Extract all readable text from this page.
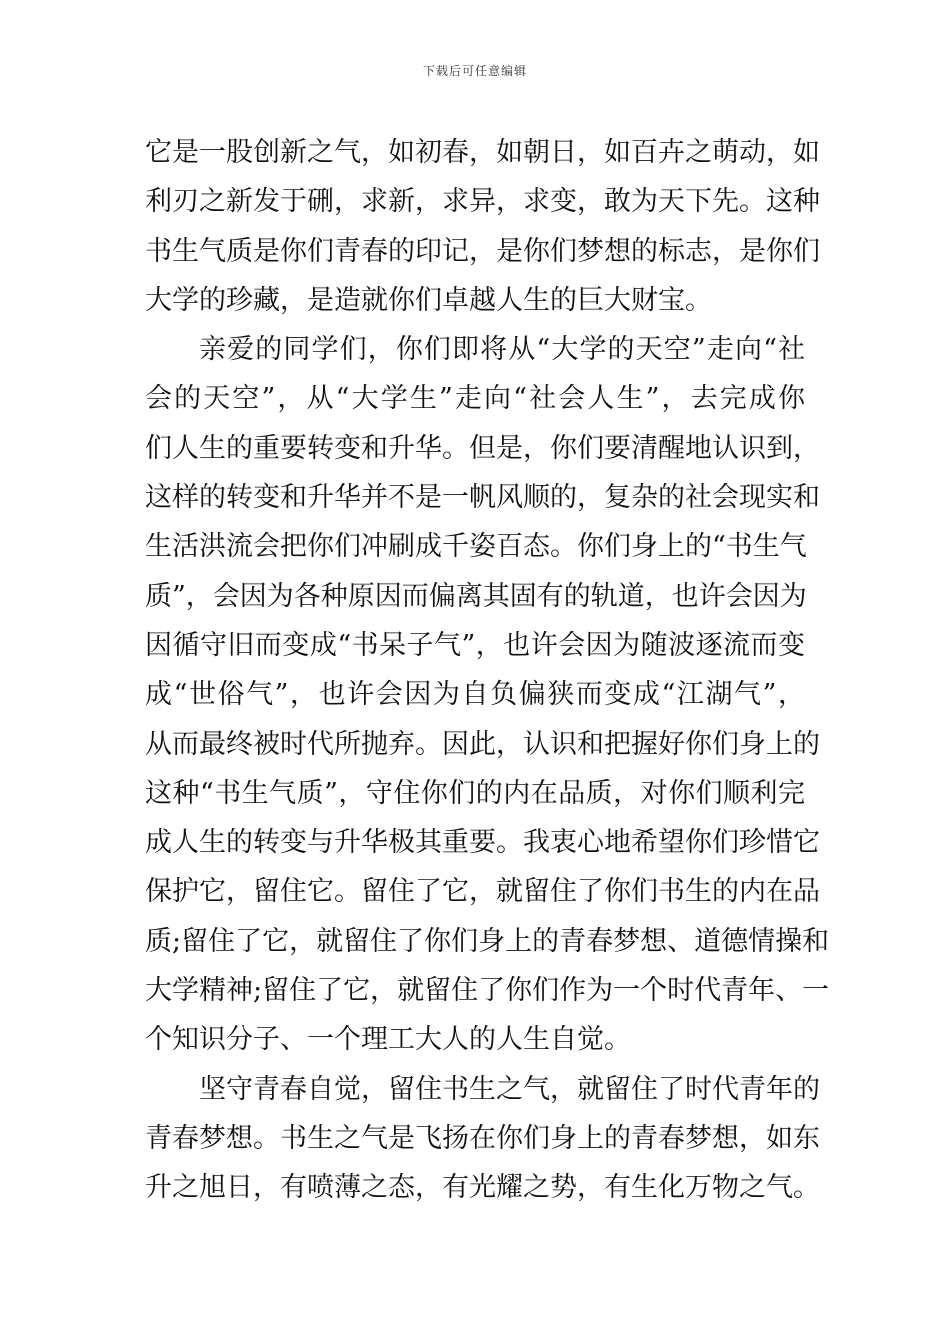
下载后可任意编辑
它是一股创新之气，如初春，如朝日，如百卉之萌动，如
利刃之新发于硎，求新，求异，求变，敢为天下先。这种
书生气质是你们青春的印记，是你们梦想的标志，是你们
大学的珍藏，是造就你们卓越人生的巨大财宝。
亲爱的同学们，你们即将从“大学的天空”走向“社
会的天空”，从“大学生”走向“社会人生”，去完成你
们人生的重要转变和升华。但是，你们要清醒地认识到，
这样的转变和升华并不是一帆风顺的，复杂的社会现实和
生活洪流会把你们冲刷成千姿百态。你们身上的“书生气
质”，会因为各种原因而偏离其固有的轨道，也许会因为
因循守旧而变成“书呆子气”，也许会因为随波逐流而变
成“世俗气”，也许会因为自负偏狭而变成“江湖气”，
从而最终被时代所抛弃。因此，认识和把握好你们身上的
这种“书生气质”，守住你们的内在品质，对你们顺利完
成人生的转变与升华极其重要。我衷心地希望你们珍惜它
保护它，留住它。留住了它，就留住了你们书生的内在品
质;留住了它，就留住了你们身上的青春梦想、道德情操和
大学精神;留住了它，就留住了你们作为一个时代青年、一
个知识分子、一个理工大人的人生自觉。
坚守青春自觉，留住书生之气，就留住了时代青年的
青春梦想。书生之气是飞扬在你们身上的青春梦想，如东
升之旭日，有喷薄之态，有光耀之势，有生化万物之气。
